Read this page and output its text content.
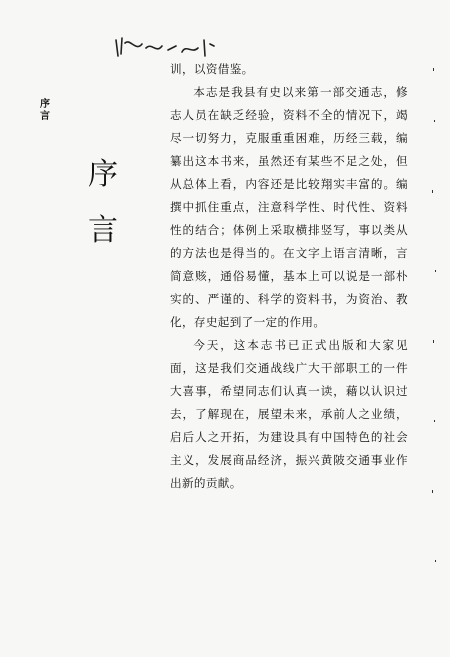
序
言
序
言

训，以资借鉴。

本志是我县有史以来第一部交通志，修志人员在缺乏经验，资料不全的情况下，竭尽一切努力，克服重重困难，历经三载，编纂出这本书来，虽然还有某些不足之处，但从总体上看，内容还是比较翔实丰富的。编撰中抓住重点，注意科学性、时代性、资料性的结合；体例上采取横排竖写，事以类从的方法也是得当的。在文字上语言清晰，言简意赅，通俗易懂，基本上可以说是一部朴实的、严谨的、科学的资料书，为资治、教化，存史起到了一定的作用。

今天，这本志书已正式出版和大家见面，这是我们交通战线广大干部职工的一件大喜事，希望同志们认真一读，藉以认识过去，了解现在，展望未来，承前人之业绩，启后人之开拓，为建设具有中国特色的社会主义，发展商品经济，振兴黄陂交通事业作出新的贡献。
